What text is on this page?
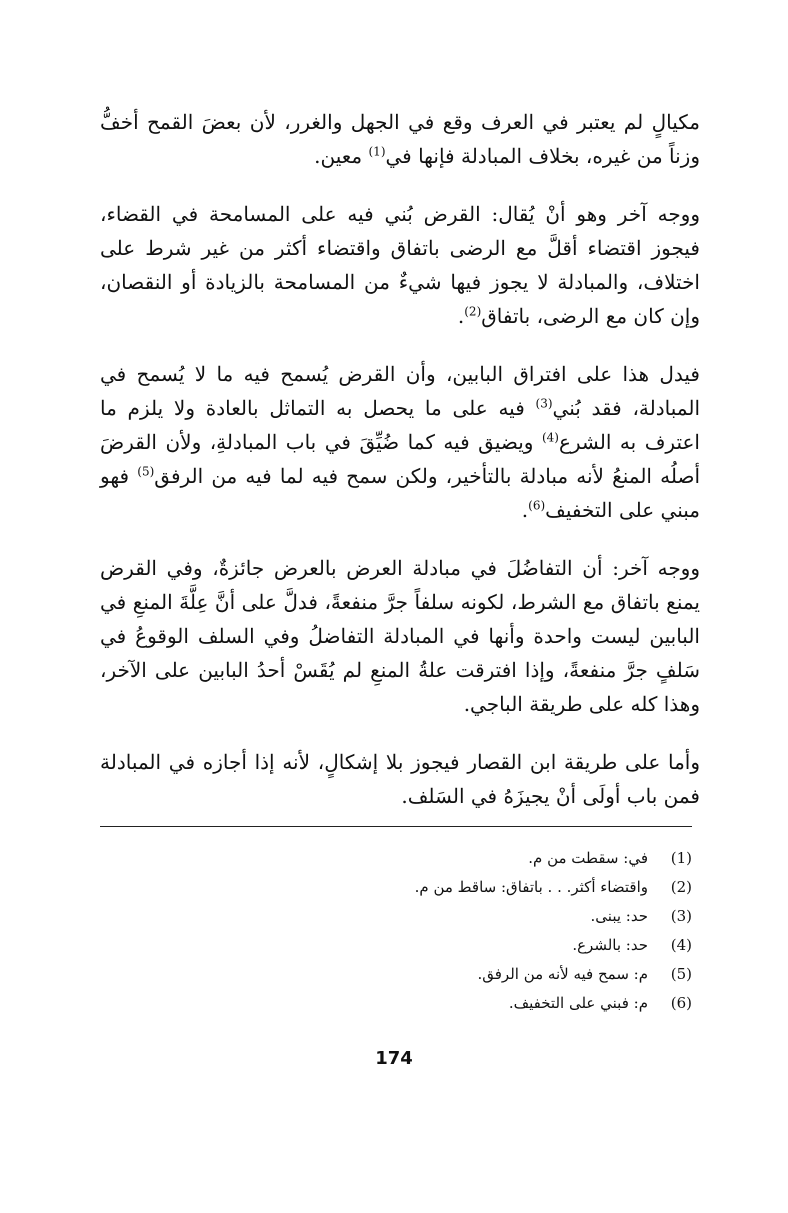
مكيالٍ لم يعتبر في العرف وقع في الجهل والغرر، لأن بعضَ القمح أخفُّ وزناً من غيره، بخلاف المبادلة فإنها في$^{(1)}$ معين.

ووجه آخر وهو أنْ يُقال: القرض بُني فيه على المسامحة في القضاء، فيجوز اقتضاء أقلَّ مع الرضى باتفاق واقتضاء أكثر من غير شرط على اختلاف، والمبادلة لا يجوز فيها شيءٌ من المسامحة بالزيادة أو النقصان، وإن كان مع الرضى، باتفاق$^{(2)}$.

فيدل هذا على افتراق البابين، وأن القرض يُسمح فيه ما لا يُسمح في المبادلة، فقد بُني$^{(3)}$ فيه على ما يحصل به التماثل بالعادة ولا يلزم ما اعترف به الشرع$^{(4)}$ ويضيق فيه كما ضُيِّقَ في باب المبادلةِ، ولأن القرضَ أصلُه المنعُ لأنه مبادلة بالتأخير، ولكن سمح فيه لما فيه من الرفق$^{(5)}$ فهو مبني على التخفيف$^{(6)}$.

ووجه آخر: أن التفاضُلَ في مبادلة العرض بالعرض جائزةٌ، وفي القرض يمنع باتفاق مع الشرط، لكونه سلفاً جرَّ منفعةً، فدلَّ على أنَّ عِلَّةَ المنعِ في البابين ليست واحدة وأنها في المبادلة التفاضلُ وفي السلف الوقوعُ في سَلفٍ جرَّ منفعةً، وإذا افترقت علةُ المنعِ لم يُقَسْ أحدُ البابين على الآخر، وهذا كله على طريقة الباجي.

وأما على طريقة ابن القصار فيجوز بلا إشكالٍ، لأنه إذا أجازه في المبادلة فمن باب أولَى أنْ يجيزَهُ في السَلف.

(1)
في: سقطت من م.
(2)
واقتضاء أكثر. . . باتفاق: ساقط من م.
(3)
حد: يبنى.
(4)
حد: بالشرع.
(5)
م: سمح فيه لأنه من الرفق.
(6)
م: فبني على التخفيف.
174
